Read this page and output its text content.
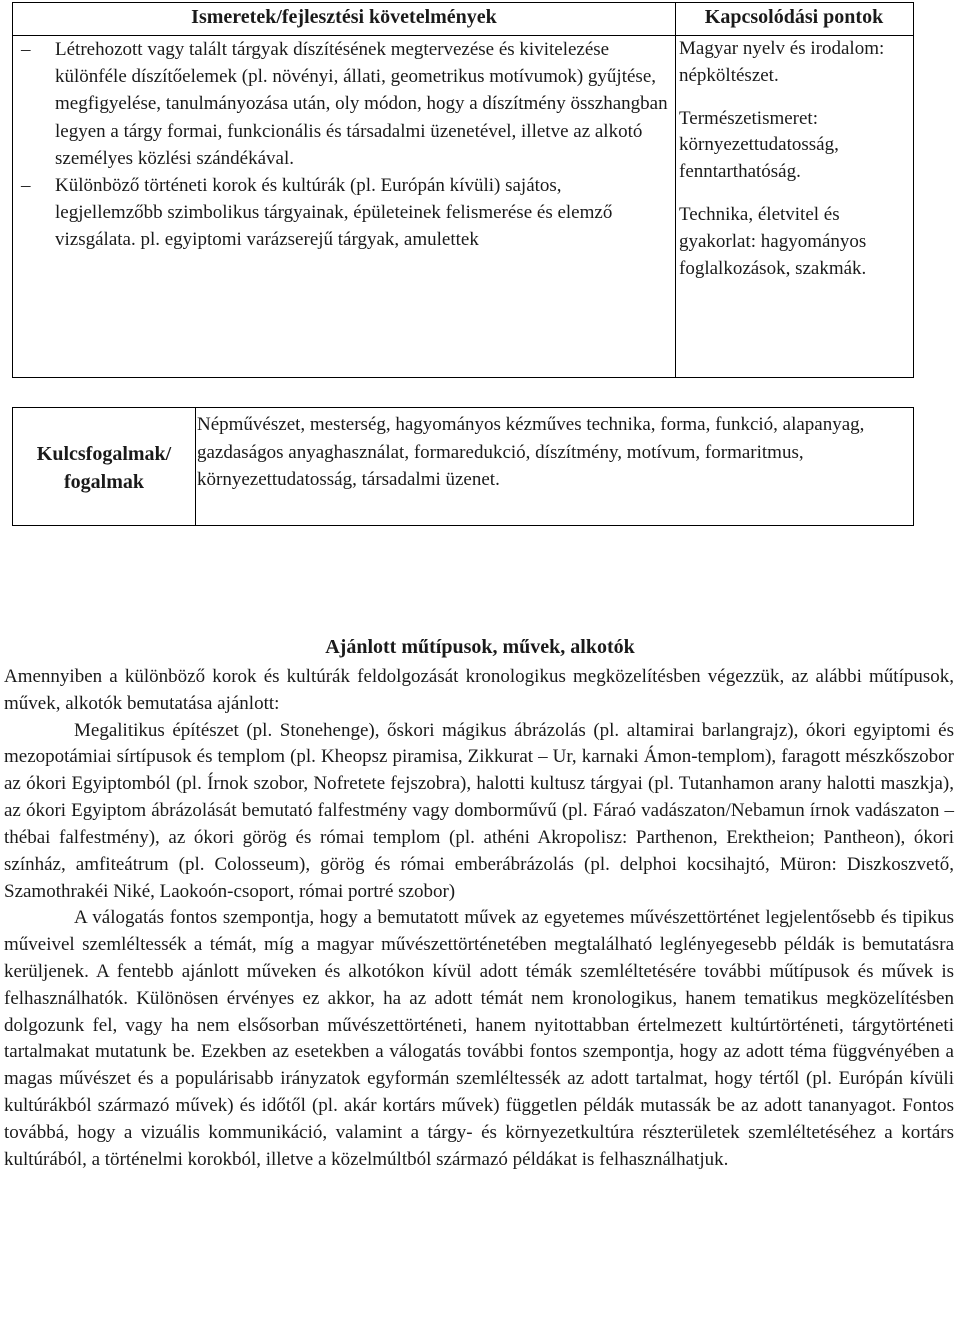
Ismeretek/fejlesztési követelmények	Kapcsolódási pontok
– Létrehozott vagy talált tárgyak díszítésének megtervezése és kivitelezése különféle díszítőelemek (pl. növényi, állati, geometrikus motívumok) gyűjtése, megfigyelése, tanulmányozása után, oly módon, hogy a díszítmény összhangban legyen a tárgy formai, funkcionális és társadalmi üzenetével, illetve az alkotó személyes közlési szándékával.
– Különböző történeti korok és kultúrák (pl. Európán kívüli) sajátos, legjellemzőbb szimbolikus tárgyainak, épületeinek felismerése és elemző vizsgálata. pl. egyiptomi varázserejű tárgyak, amulettek

Magyar nyelv és irodalom: népköltészet.

Természetismeret: környezettudatosság, fenntarthatóság.

Technika, életvitel és gyakorlat: hagyományos foglalkozások, szakmák.

Kulcsfogalmak/ fogalmak
Népművészet, mesterség, hagyományos kézműves technika, forma, funkció, alapanyag, gazdaságos anyaghasználat, formaredukció, díszítmény, motívum, formaritmus, környezettudatosság, társadalmi üzenet.
Ajánlott műtípusok, művek, alkotók

Amennyiben a különböző korok és kultúrák feldolgozását kronologikus megközelítésben végezzük, az alábbi műtípusok, művek, alkotók bemutatása ajánlott:

Megalitikus építészet (pl. Stonehenge), őskori mágikus ábrázolás (pl. altamirai barlangrajz), ókori egyiptomi és mezopotámiai sírtípusok és templom (pl. Kheopsz piramisa, Zikkurat – Ur, karnaki Ámon-templom), faragott mészkőszobor az ókori Egyiptomból (pl. Írnok szobor, Nofretete fejszobra), halotti kultusz tárgyai (pl. Tutanhamon arany halotti maszkja), az ókori Egyiptom ábrázolását bemutató falfestmény vagy domborművű (pl. Fáraó vadászaton/Nebamun írnok vadászaton – thébai falfestmény), az ókori görög és római templom (pl. athéni Akropolisz: Parthenon, Erektheion; Pantheon), ókori színház, amfiteátrum (pl. Colosseum), görög és római emberábrázolás (pl. delphoi kocsihajtó, Müron: Diszkoszvető, Szamothrakéi Niké, Laokoón-csoport, római portré szobor)

A válogatás fontos szempontja, hogy a bemutatott művek az egyetemes művészettörténet legjelentősebb és tipikus műveivel szemléltessék a témát, míg a magyar művészettörténetében megtalálható leglényegesebb példák is bemutatásra kerüljenek. A fentebb ajánlott műveken és alkotókon kívül adott témák szemléltetésére további műtípusok és művek is felhasználhatók. Különösen érvényes ez akkor, ha az adott témát nem kronologikus, hanem tematikus megközelítésben dolgozunk fel, vagy ha nem elsősorban művészettörténeti, hanem nyitottabban értelmezett kultúrtörténeti, tárgytörténeti tartalmakat mutatunk be. Ezekben az esetekben a válogatás további fontos szempontja, hogy az adott téma függvényében a magas művészet és a populárisabb irányzatok egyformán szemléltessék az adott tartalmat, hogy tértől (pl. Európán kívüli kultúrákból származó művek) és időtől (pl. akár kortárs művek) független példák mutassák be az adott tananyagot. Fontos továbbá, hogy a vizuális kommunikáció, valamint a tárgy- és környezetkultúra részterületek szemléltetéséhez a kortárs kultúrából, a történelmi korokból, illetve a közelmúltból származó példákat is felhasználhatjuk.
